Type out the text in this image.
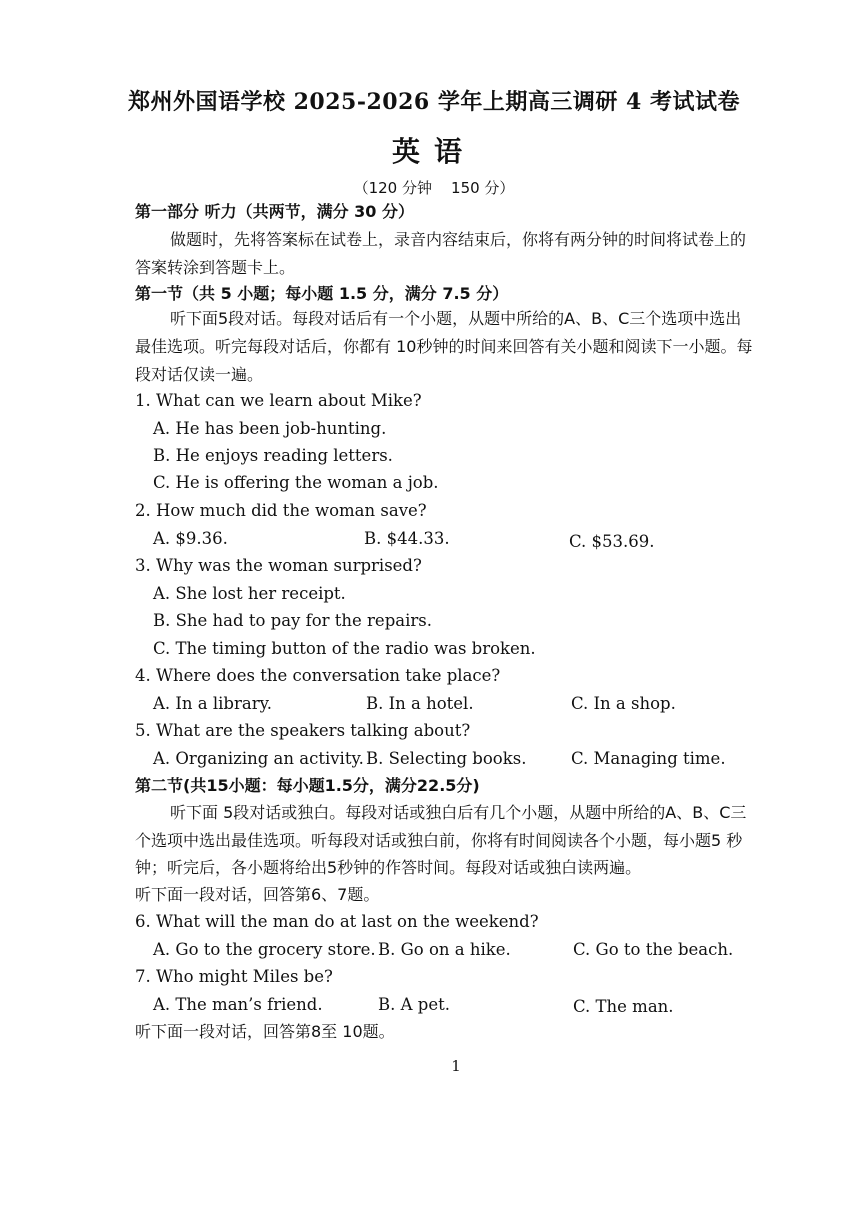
郑州外国语学校 2025-2026 学年上期高三调研 4 考试试卷
英语
（120 分钟    150 分）
第一部分 听力（共两节，满分 30 分）
做题时，先将答案标在试卷上，录音内容结束后，你将有两分钟的时间将试卷上的
答案转涂到答题卡上。
第一节（共 5 小题；每小题 1.5 分，满分 7.5 分）
听下面5段对话。每段对话后有一个小题，从题中所给的A、B、C三个选项中选出
最佳选项。听完每段对话后，你都有 10秒钟的时间来回答有关小题和阅读下一小题。每
段对话仅读一遍。
1. What can we learn about Mike?
A. He has been job-hunting.
B. He enjoys reading letters.
C. He is offering the woman a job.
2. How much did the woman save?
A. $9.36.	B. $44.33.	C. $53.69.
3. Why was the woman surprised?
A. She lost her receipt.
B. She had to pay for the repairs.
C. The timing button of the radio was broken.
4. Where does the conversation take place?
A. In a library.	B. In a hotel.	C. In a shop.
5. What are the speakers talking about?
A. Organizing an activity. B. Selecting books.	C. Managing time.
第二节(共15小题：每小题1.5分，满分22.5分)
听下面 5段对话或独白。每段对话或独白后有几个小题，从题中所给的A、B、C三
个选项中选出最佳选项。听每段对话或独白前，你将有时间阅读各个小题，每小题5 秒
钟；听完后，各小题将给出5秒钟的作答时间。每段对话或独白读两遍。
听下面一段对话，回答第6、7题。
6. What will the man do at last on the weekend?
A. Go to the grocery store. B. Go on a hike.	C. Go to the beach.
7. Who might Miles be?
A. The man’s friend.	B. A pet.	C. The man.
听下面一段对话，回答第8至 10题。
1
